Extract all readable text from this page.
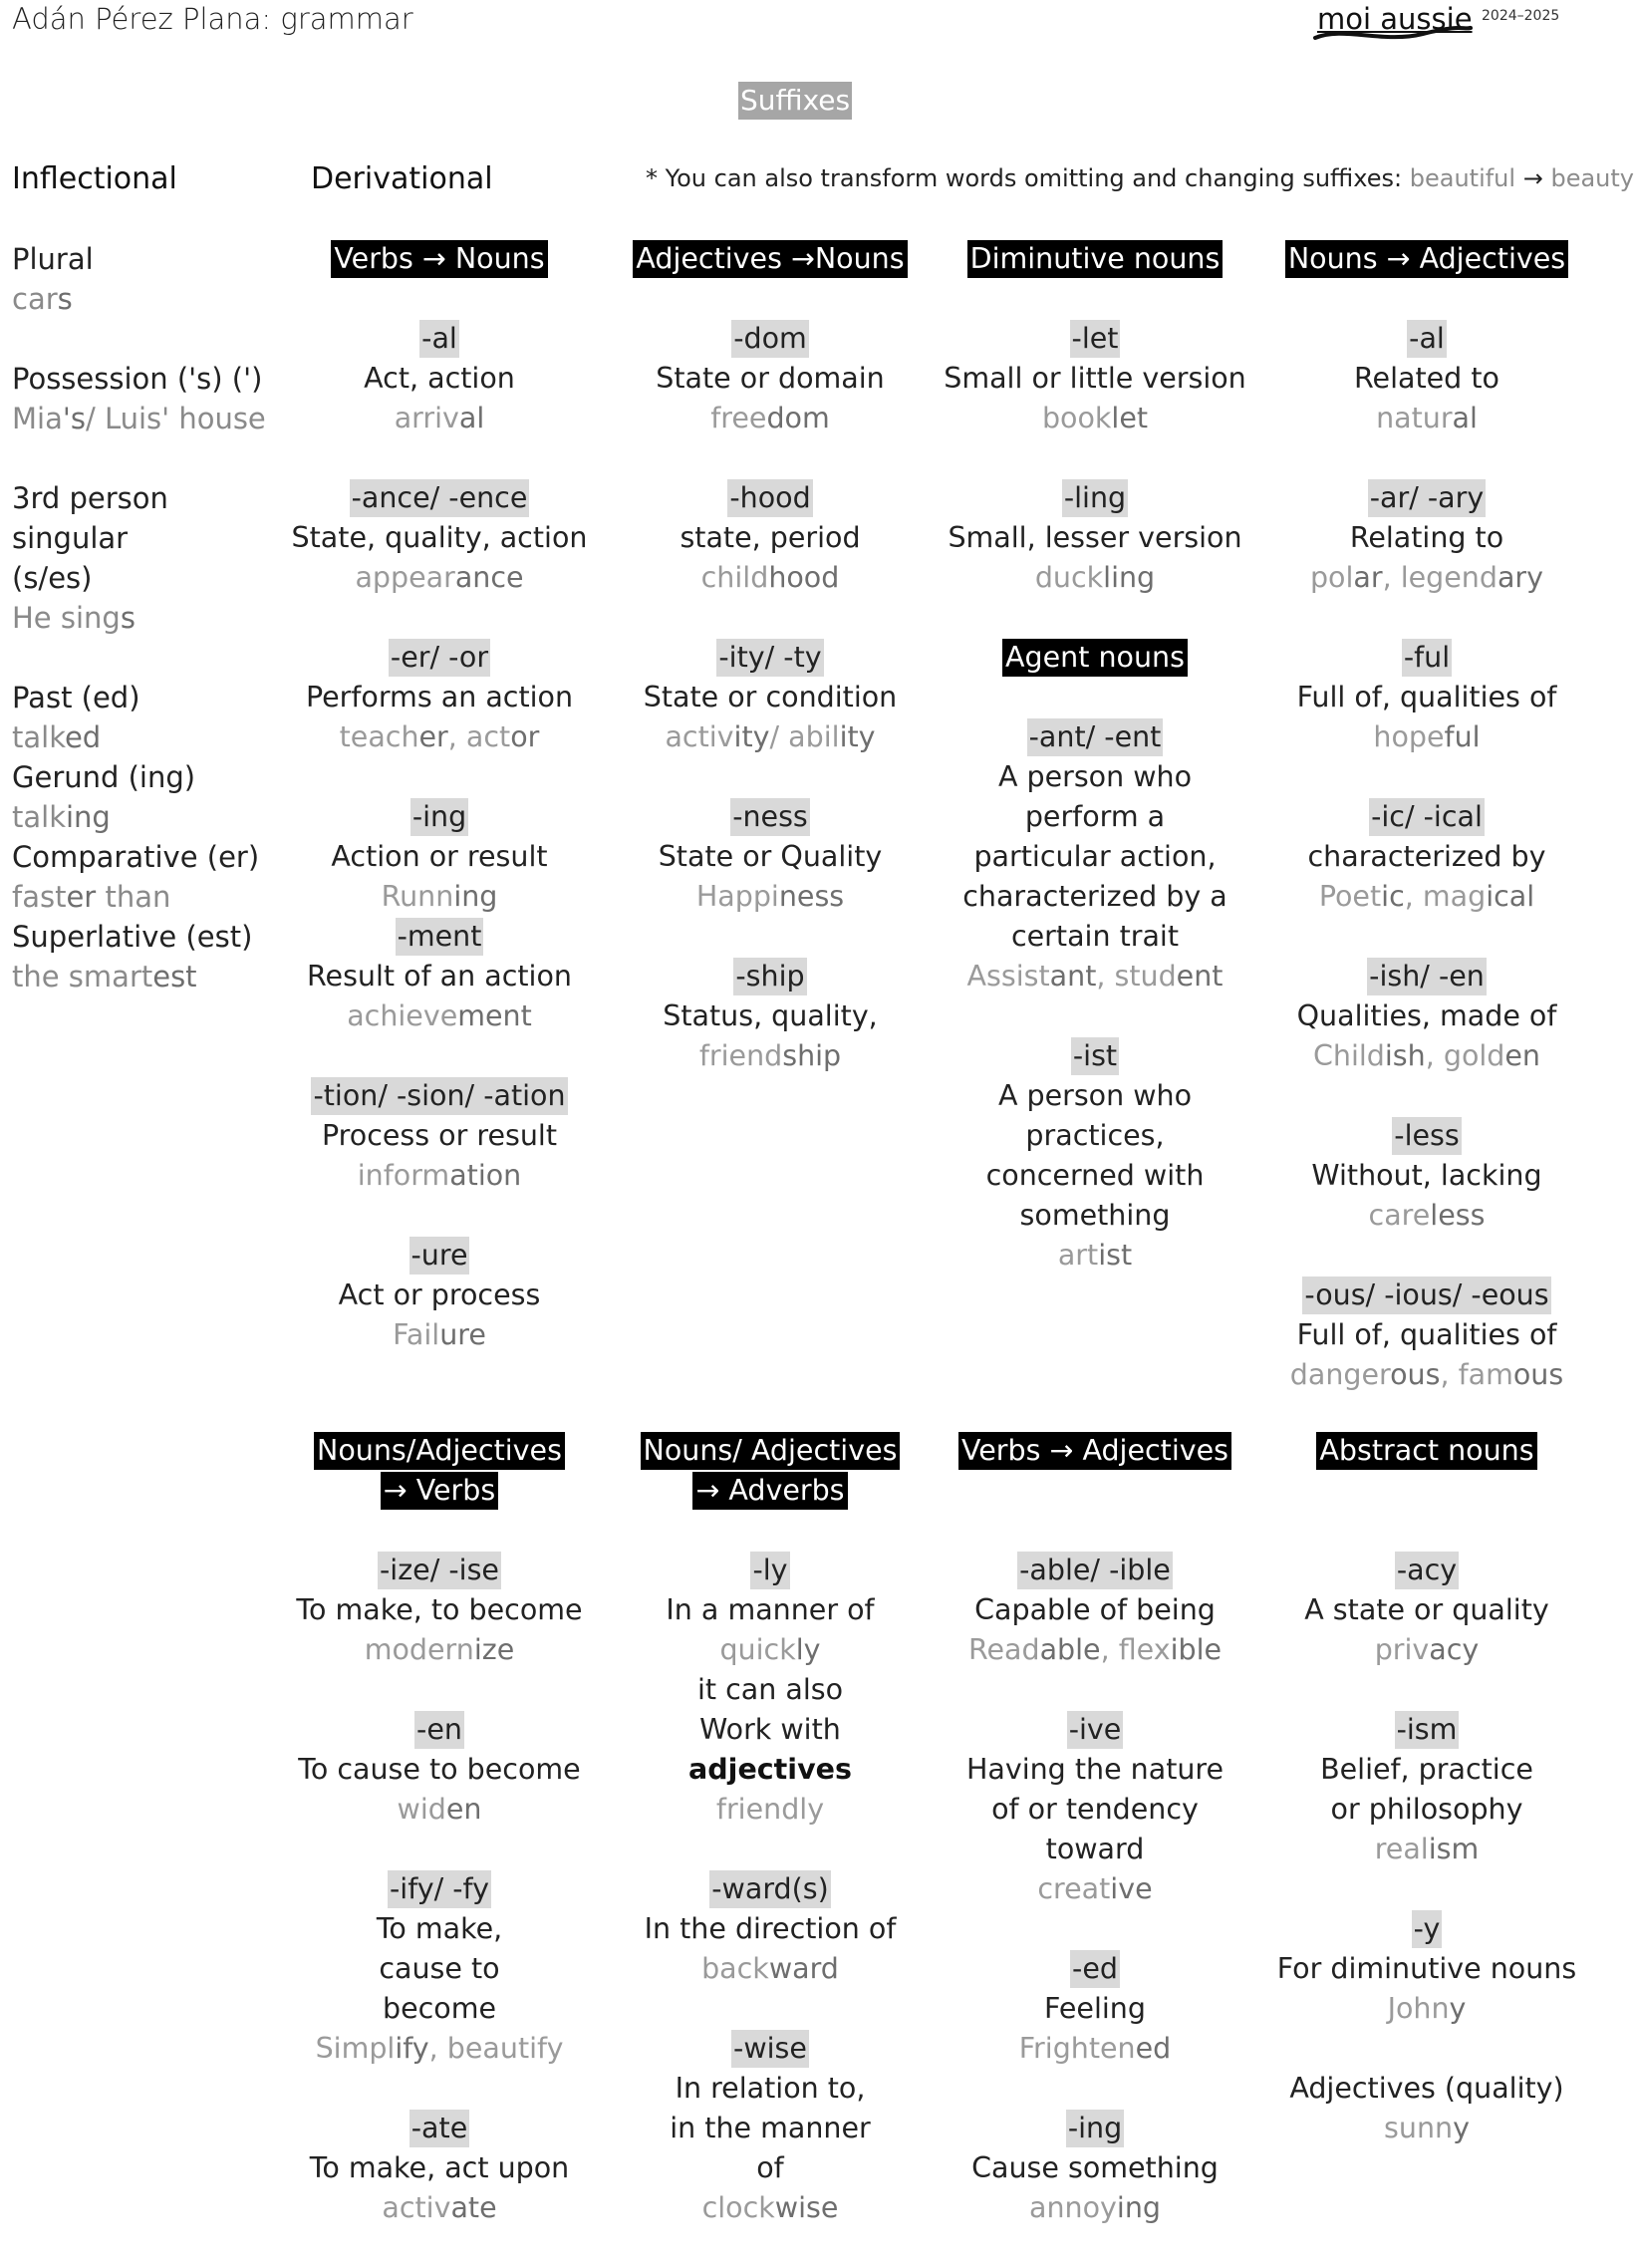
Adán Pérez Plana: grammar	moi aussie 2024–2025
Suffixes
Inflectional	Derivational	* You can also transform words omitting and changing suffixes: beautiful → beauty
Plural
cars
Possession ('s) (')
Mia's/ Luis' house
3rd person singular (s/es)
He sings
Past (ed)
talked
Gerund (ing)
talking
Comparative (er)
faster than
Superlative (est)
the smartest
Verbs → Nouns
-al
Act, action
arrival
-ance/ -ence
State, quality, action
appearance
-er/ -or
Performs an action
teacher, actor
-ing
Action or result
Running
-ment
Result of an action
achievement
-tion/ -sion/ -ation
Process or result
information
-ure
Act or process
Failure
Adjectives →Nouns
-dom
State or domain
freedom
-hood
state, period
childhood
-ity/ -ty
State or condition
activity/ ability
-ness
State or Quality
Happiness
-ship
Status, quality,
friendship
Diminutive nouns
-let
Small or little version
booklet
-ling
Small, lesser version
duckling
Agent nouns
-ant/ -ent
A person who perform a particular action, characterized by a certain trait
Assistant, student
-ist
A person who practices, concerned with something
artist
Nouns → Adjectives
-al
Related to
natural
-ar/ -ary
Relating to
polar, legendary
-ful
Full of, qualities of
hopeful
-ic/ -ical
characterized by
Poetic, magical
-ish/ -en
Qualities, made of
Childish, golden
-less
Without, lacking
careless
-ous/ -ious/ -eous
Full of, qualities of
dangerous, famous
Nouns/Adjectives
→ Verbs
-ize/ -ise
To make, to become
modernize
-en
To cause to become
widen
-ify/ -fy
To make, cause to become
Simplify, beautify
-ate
To make, act upon
activate
Nouns/ Adjectives
→ Adverbs
-ly
In a manner of
quickly
it can also
Work with
adjectives
friendly
-ward(s)
In the direction of
backward
-wise
In relation to, in the manner of
clockwise
Verbs → Adjectives
-able/ -ible
Capable of being
Readable, flexible
-ive
Having the nature of or tendency toward
creative
-ed
Feeling
Frightened
-ing
Cause something
annoying
Abstract nouns
-acy
A state or quality
privacy
-ism
Belief, practice or philosophy
realism
-y
For diminutive nouns
Johny
Adjectives (quality)
sunny
